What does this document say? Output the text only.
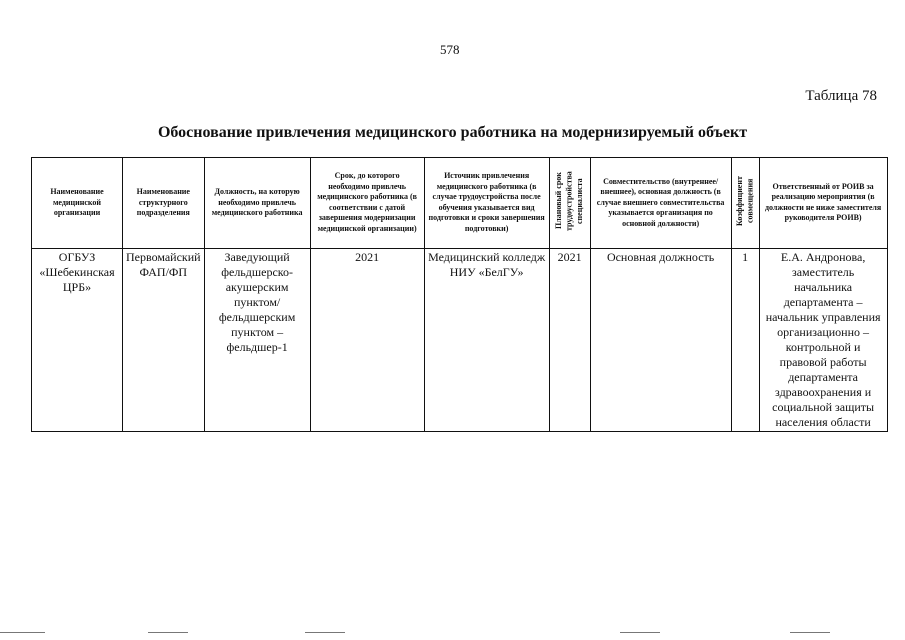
578
Таблица 78
Обоснование привлечения медицинского работника на модернизируемый объект
Наименование медицинской организации	Наименование структурного подразделения	Должность, на которую необходимо привлечь медицинского работника	Срок, до которого необходимо привлечь медицинского работника (в соответствии с датой завершения модернизации медицинской организации)	Источник привлечения медицинского работника (в случае трудоустройства после обучения указывается вид подготовки и сроки завершения подготовки)	Плановый срок трудоустройства специалиста	Совместительство (внутреннее/ внешнее), основная должность (в случае внешнего совместительства указывается организация по основной должности)	Коэффициент совмещения	Ответственный от РОИВ за реализацию мероприятия (в должности не ниже заместителя руководителя РОИВ)
ОГБУЗ «Шебекинская ЦРБ»	Первомайский ФАП/ФП	Заведующий фельдшерско-акушерским пунктом/фельдшерским пунктом – фельдшер-1	2021	Медицинский колледж НИУ «БелГУ»	2021	Основная должность	1	Е.А. Андронова, заместитель начальника департамента – начальник управления организационно – контрольной и правовой работы департамента здравоохранения и социальной защиты населения области
